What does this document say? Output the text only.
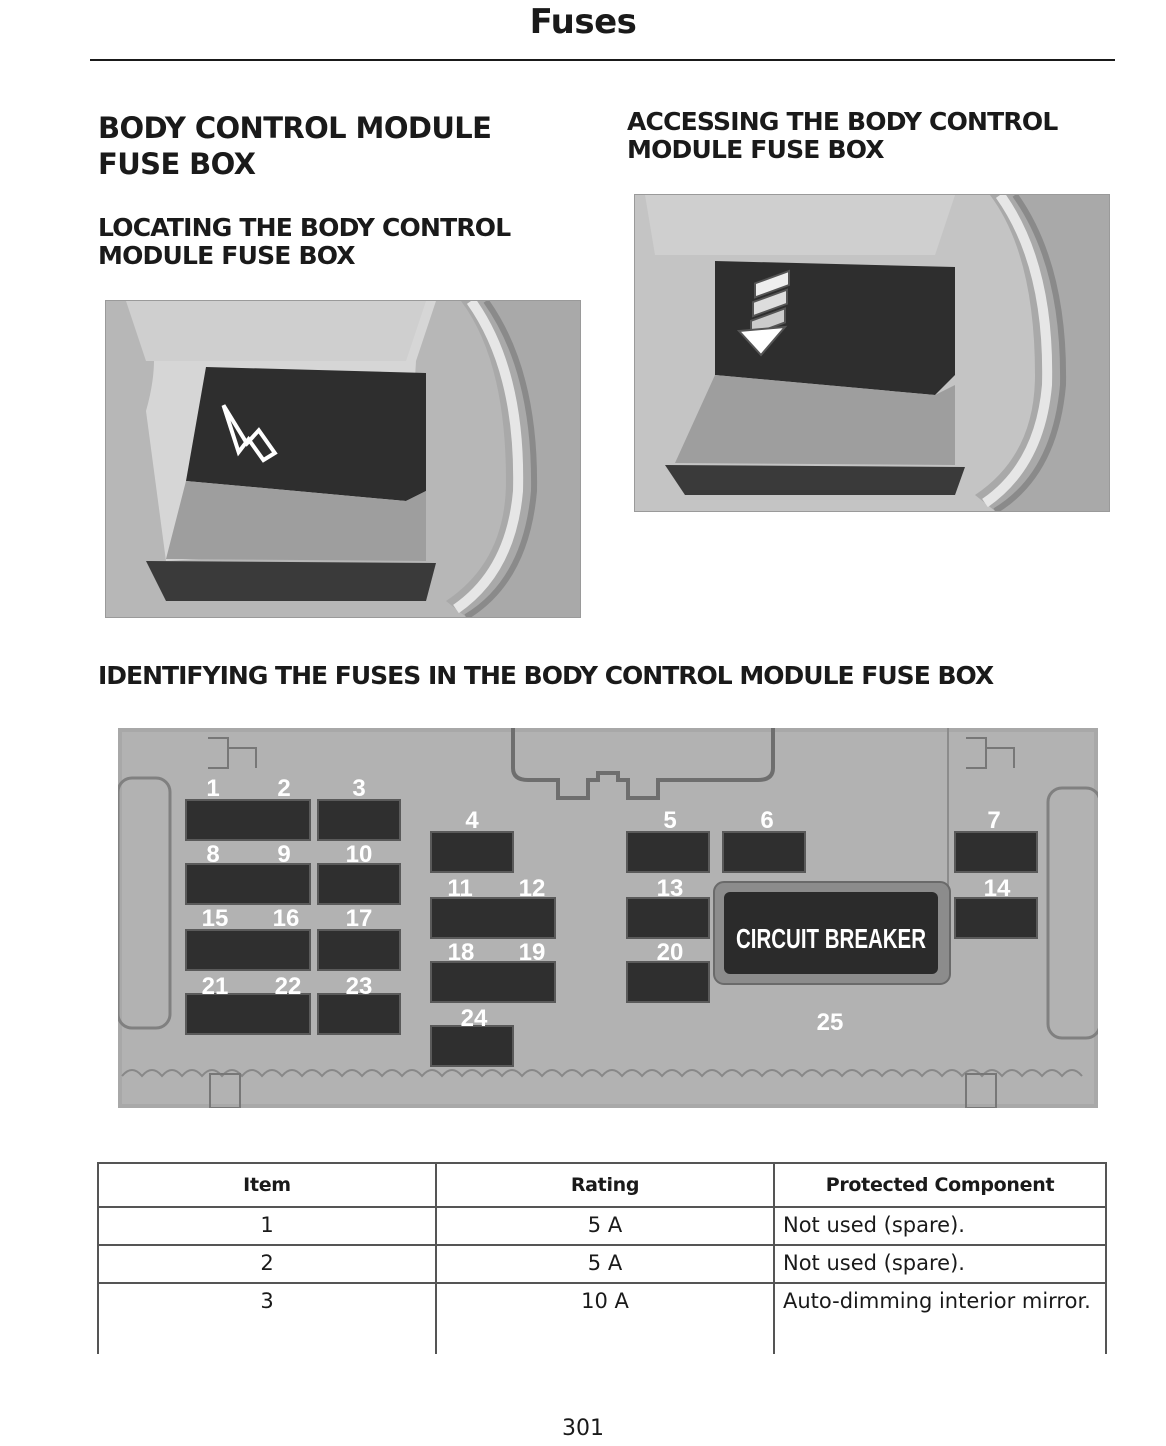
Fuses
BODY CONTROL MODULE
FUSE BOX
LOCATING THE BODY CONTROL
MODULE FUSE BOX
ACCESSING THE BODY CONTROL
MODULE FUSE BOX
IDENTIFYING THE FUSES IN THE BODY CONTROL MODULE FUSE BOX
CIRCUIT BREAKER
1 2	3
4	5	6	7
8 9 10
11 12	13	14
15 16 17
18 19	20
21 22 23
24	25
Item	Rating	Protected Component
1	5 A	Not used (spare).
2	5 A	Not used (spare).
3	10 A	Auto-dimming interior mirror.
301
